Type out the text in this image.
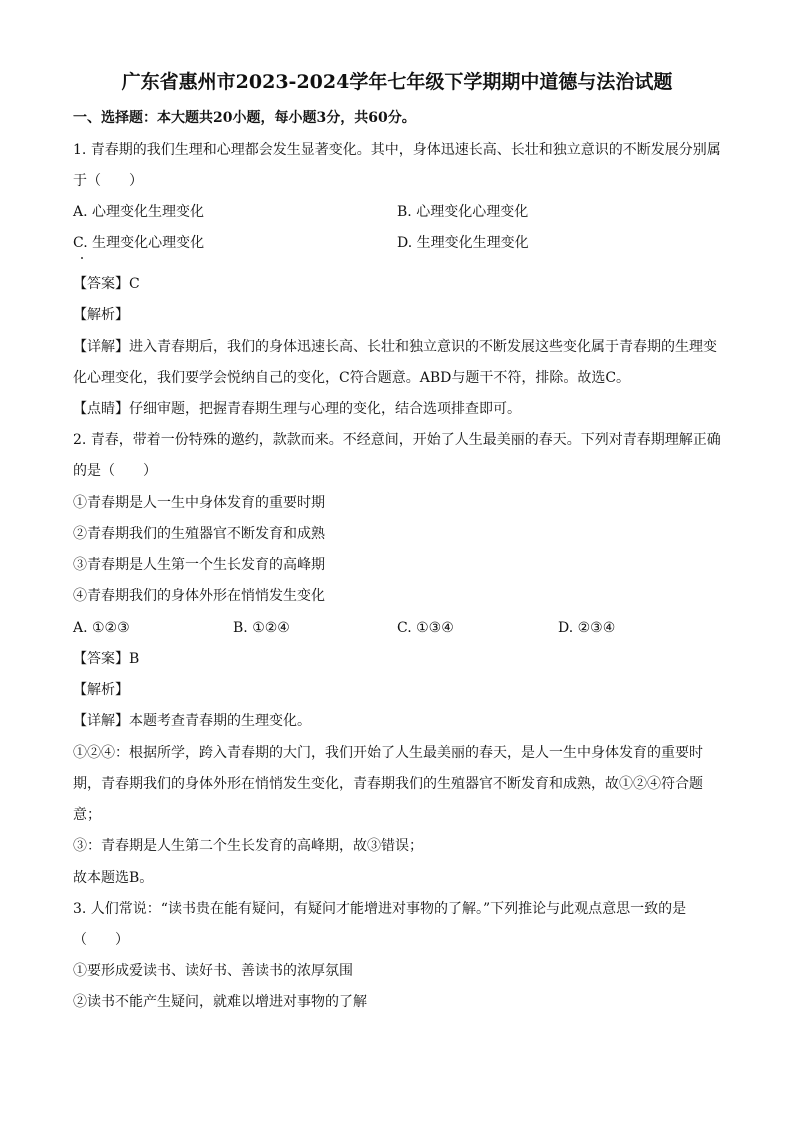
广东省惠州市2023-2024学年七年级下学期期中道德与法治试题
一、选择题：本大题共20小题，每小题3分，共60分。
1. 青春期的我们生理和心理都会发生显著变化。其中，身体迅速长高、长壮和独立意识的不断发展分别属
于（　　）
A. 心理变化生理变化	B. 心理变化心理变化
C. 生理变化心理变化	D. 生理变化生理变化
【答案】C
【解析】
【详解】进入青春期后，我们的身体迅速长高、长壮和独立意识的不断发展这些变化属于青春期的生理变
化心理变化，我们要学会悦纳自己的变化，C符合题意。ABD与题干不符，排除。故选C。
【点睛】仔细审题，把握青春期生理与心理的变化，结合选项排查即可。
2. 青春，带着一份特殊的邀约，款款而来。不经意间，开始了人生最美丽的春天。下列对青春期理解正确
的是（　　）
①青春期是人一生中身体发育的重要时期
②青春期我们的生殖器官不断发育和成熟
③青春期是人生第一个生长发育的高峰期
④青春期我们的身体外形在悄悄发生变化
A. ①②③	B. ①②④	C. ①③④	D. ②③④
【答案】B
【解析】
【详解】本题考查青春期的生理变化。
①②④：根据所学，跨入青春期的大门，我们开始了人生最美丽的春天，是人一生中身体发育的重要时
期，青春期我们的身体外形在悄悄发生变化，青春期我们的生殖器官不断发育和成熟，故①②④符合题
意；
③：青春期是人生第二个生长发育的高峰期，故③错误；
故本题选B。
3. 人们常说：“读书贵在能有疑问，有疑问才能增进对事物的了解。”下列推论与此观点意思一致的是
（　　）
①要形成爱读书、读好书、善读书的浓厚氛围
②读书不能产生疑问，就难以增进对事物的了解
